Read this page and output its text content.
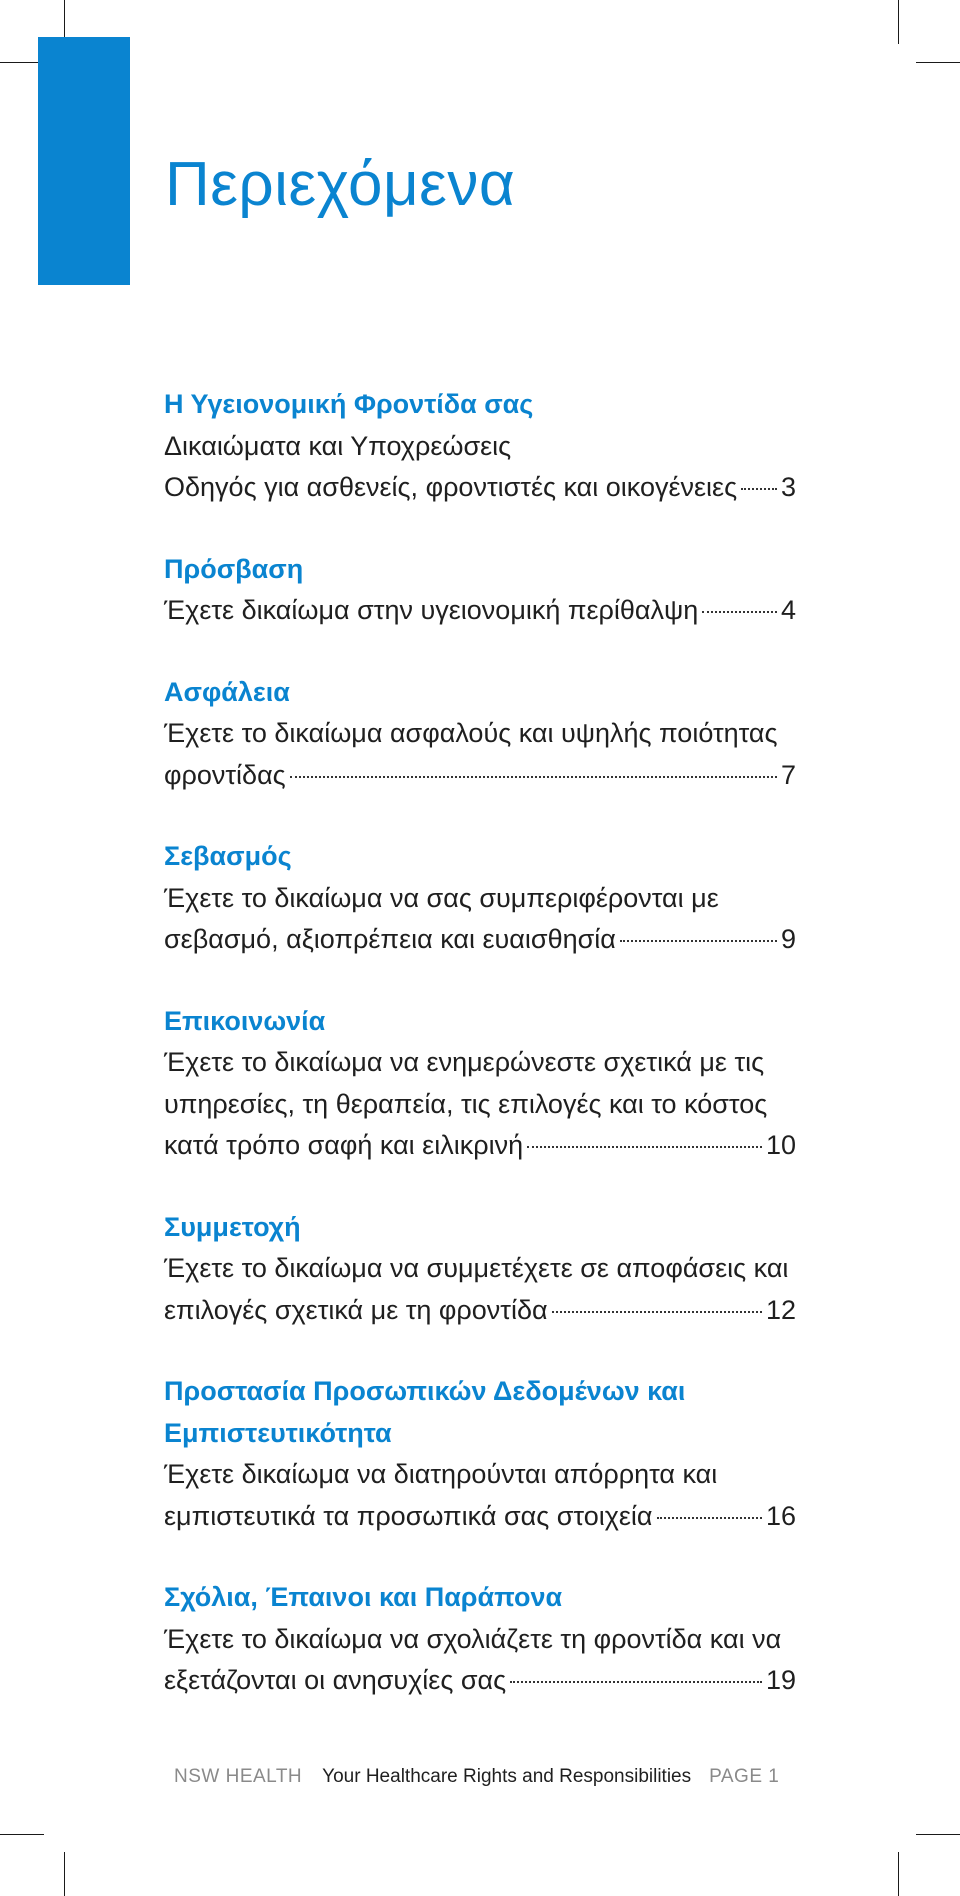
Περιεχόμενα
Η Υγειονομική Φροντίδα σας
Δικαιώματα και Υποχρεώσεις
Οδηγός για ασθενείς, φροντιστές και οικογένειες 3
Πρόσβαση
Έχετε δικαίωμα στην υγειονομική περίθαλψη	4
Ασφάλεια
Έχετε το δικαίωμα ασφαλούς και υψηλής ποιότητας
φροντίδας	7
Σεβασμός
Έχετε το δικαίωμα να σας συμπεριφέρονται με
σεβασμό, αξιοπρέπεια και ευαισθησία	9
Επικοινωνία
Έχετε το δικαίωμα να ενημερώνεστε σχετικά με τις
υπηρεσίες, τη θεραπεία, τις επιλογές και το κόστος
κατά τρόπο σαφή και ειλικρινή	10
Συμμετοχή
Έχετε το δικαίωμα να συμμετέχετε σε αποφάσεις και
επιλογές σχετικά με τη φροντίδα	12
Προστασία Προσωπικών Δεδομένων και
Εμπιστευτικότητα
Έχετε δικαίωμα να διατηρούνται απόρρητα και
εμπιστευτικά τα προσωπικά σας στοιχεία	16
Σχόλια, Έπαινοι και Παράπονα
Έχετε το δικαίωμα να σχολιάζετε τη φροντίδα και να
εξετάζονται οι ανησυχίες σας	19
NSW HEALTH Your Healthcare Rights and Responsibilities PAGE 1
